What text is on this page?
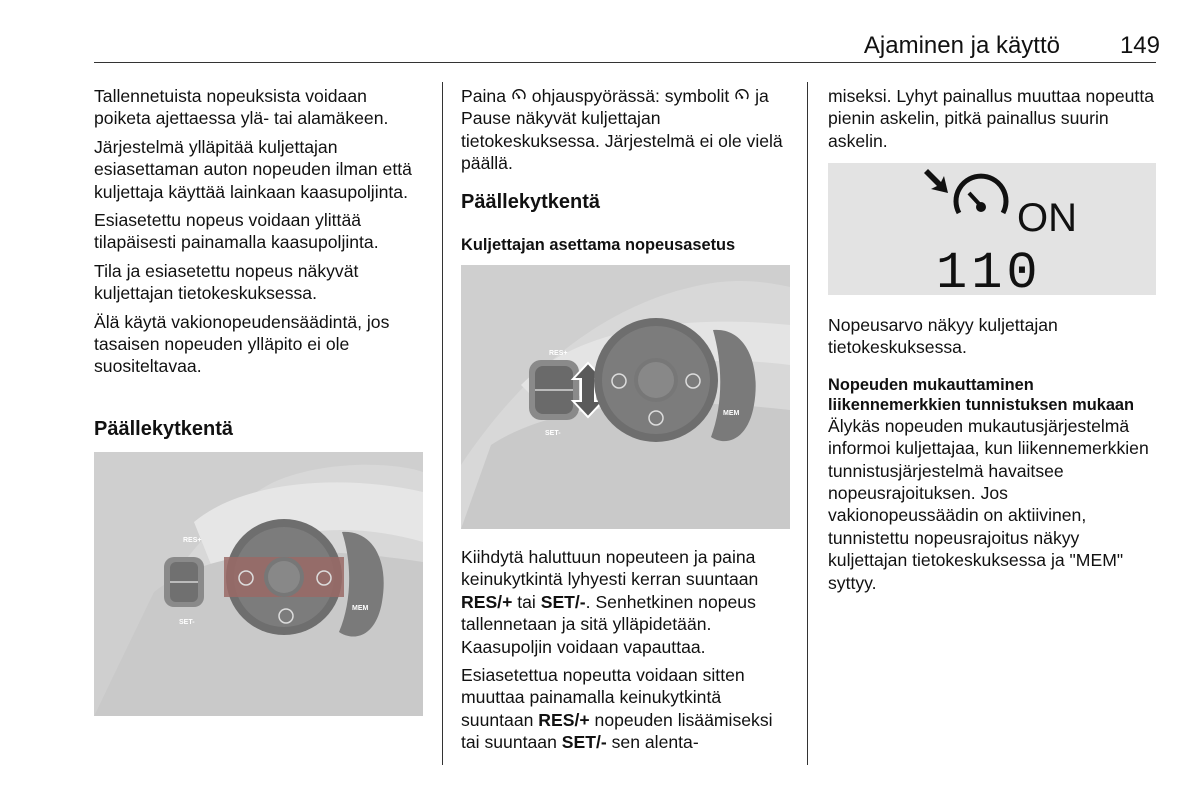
Ajaminen ja käyttö	149

Tallennetuista nopeuksista voidaan poiketa ajettaessa ylä- tai alamäkeen.

Järjestelmä ylläpitää kuljettajan esiasettaman auton nopeuden ilman että kuljettaja käyttää lainkaan kaasupoljinta.

Esiasetettu nopeus voidaan ylittää tilapäisesti painamalla kaasupoljinta.

Tila ja esiasetettu nopeus näkyvät kuljettajan tietokeskuksessa.

Älä käytä vakionopeudensäädintä, jos tasaisen nopeuden ylläpito ei ole suositeltavaa.

Päällekytkentä
RES+
SET-
MEM

Paina  ohjauspyörässä: symbolit  ja Pause näkyvät kuljettajan tietokeskuksessa. Järjestelmä ei ole vielä päällä.

Päällekytkentä
Kuljettajan asettama nopeusasetus
RES+
SET-
MEM

Kiihdytä haluttuun nopeuteen ja paina keinukytkintä lyhyesti kerran suuntaan RES/+ tai SET/-. Senhetkinen nopeus tallennetaan ja sitä ylläpidetään. Kaasupoljin voidaan vapauttaa.

Esiasetettua nopeutta voidaan sitten muuttaa painamalla keinukytkintä suuntaan RES/+ nopeuden lisäämiseksi tai suuntaan SET/- sen alenta-

miseksi. Lyhyt painallus muuttaa nopeutta pienin askelin, pitkä painallus suurin askelin.

ON
110

Nopeusarvo näkyy kuljettajan tietokeskuksessa.

Nopeuden mukauttaminen liikennemerkkien tunnistuksen mukaan

Älykäs nopeuden mukautusjärjestelmä informoi kuljettajaa, kun liikennemerkkien tunnistusjärjestelmä havaitsee nopeusrajoituksen. Jos vakionopeussäädin on aktiivinen, tunnistettu nopeusrajoitus näkyy kuljettajan tietokeskuksessa ja "MEM" syttyy.
